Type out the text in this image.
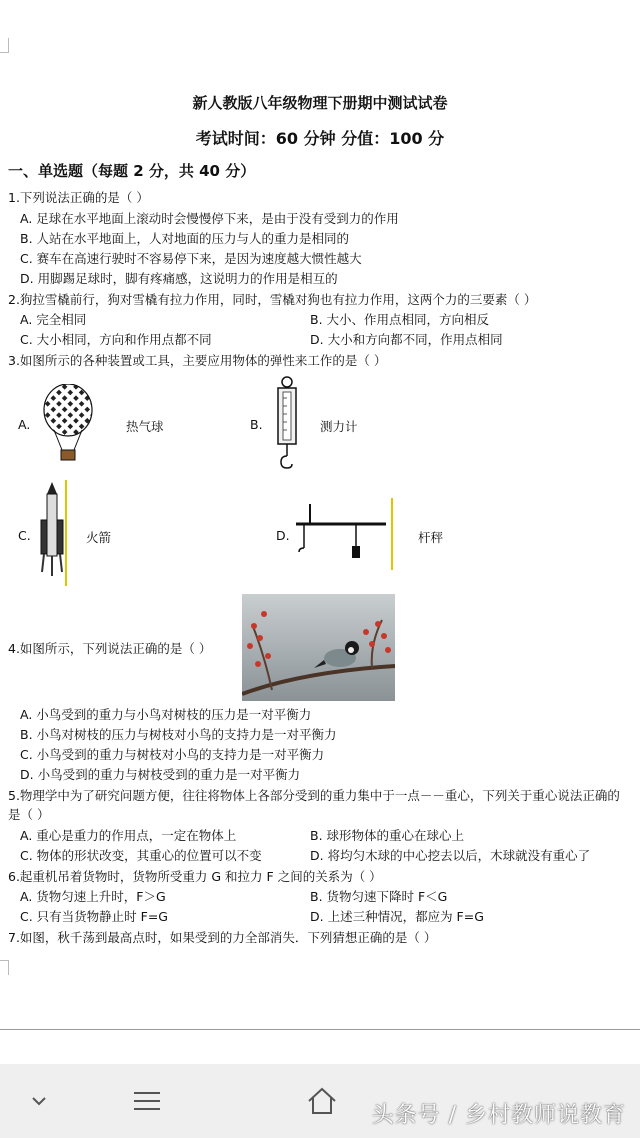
新人教版八年级物理下册期中测试试卷
考试时间：60 分钟 分值：100 分
一、单选题（每题 2 分，共 40 分）
1.下列说法正确的是（ ）
A. 足球在水平地面上滚动时会慢慢停下来，是由于没有受到力的作用
B. 人站在水平地面上，人对地面的压力与人的重力是相同的
C. 赛车在高速行驶时不容易停下来，是因为速度越大惯性越大
D. 用脚踢足球时，脚有疼痛感，这说明力的作用是相互的
2.狗拉雪橇前行，狗对雪橇有拉力作用，同时，雪橇对狗也有拉力作用，这两个力的三要素（ ）
A. 完全相同	B. 大小、作用点相同，方向相反
C. 大小相同，方向和作用点都不同	D. 大小和方向都不同，作用点相同
3.如图所示的各种装置或工具，主要应用物体的弹性来工作的是（ ）
A.	热气球	B.	测力计
C.	火箭	D.	杆秤
4.如图所示，下列说法正确的是（ ）
A. 小鸟受到的重力与小鸟对树枝的压力是一对平衡力
B. 小鸟对树枝的压力与树枝对小鸟的支持力是一对平衡力
C. 小鸟受到的重力与树枝对小鸟的支持力是一对平衡力
D. 小鸟受到的重力与树枝受到的重力是一对平衡力
5.物理学中为了研究问题方便，往往将物体上各部分受到的重力集中于一点－－重心，下列关于重心说法正确的
是（ ）
A. 重心是重力的作用点，一定在物体上	B. 球形物体的重心在球心上
C. 物体的形状改变，其重心的位置可以不变	D. 将均匀木球的中心挖去以后，木球就没有重心了
6.起重机吊着货物时，货物所受重力 G 和拉力 F 之间的关系为（ ）
A. 货物匀速上升时，F＞G	B. 货物匀速下降时 F＜G
C. 只有当货物静止时 F=G	D. 上述三种情况，都应为 F=G
7.如图，秋千荡到最高点时，如果受到的力全部消失．下列猜想正确的是（ ）
头条号 / 乡村教师说教育
